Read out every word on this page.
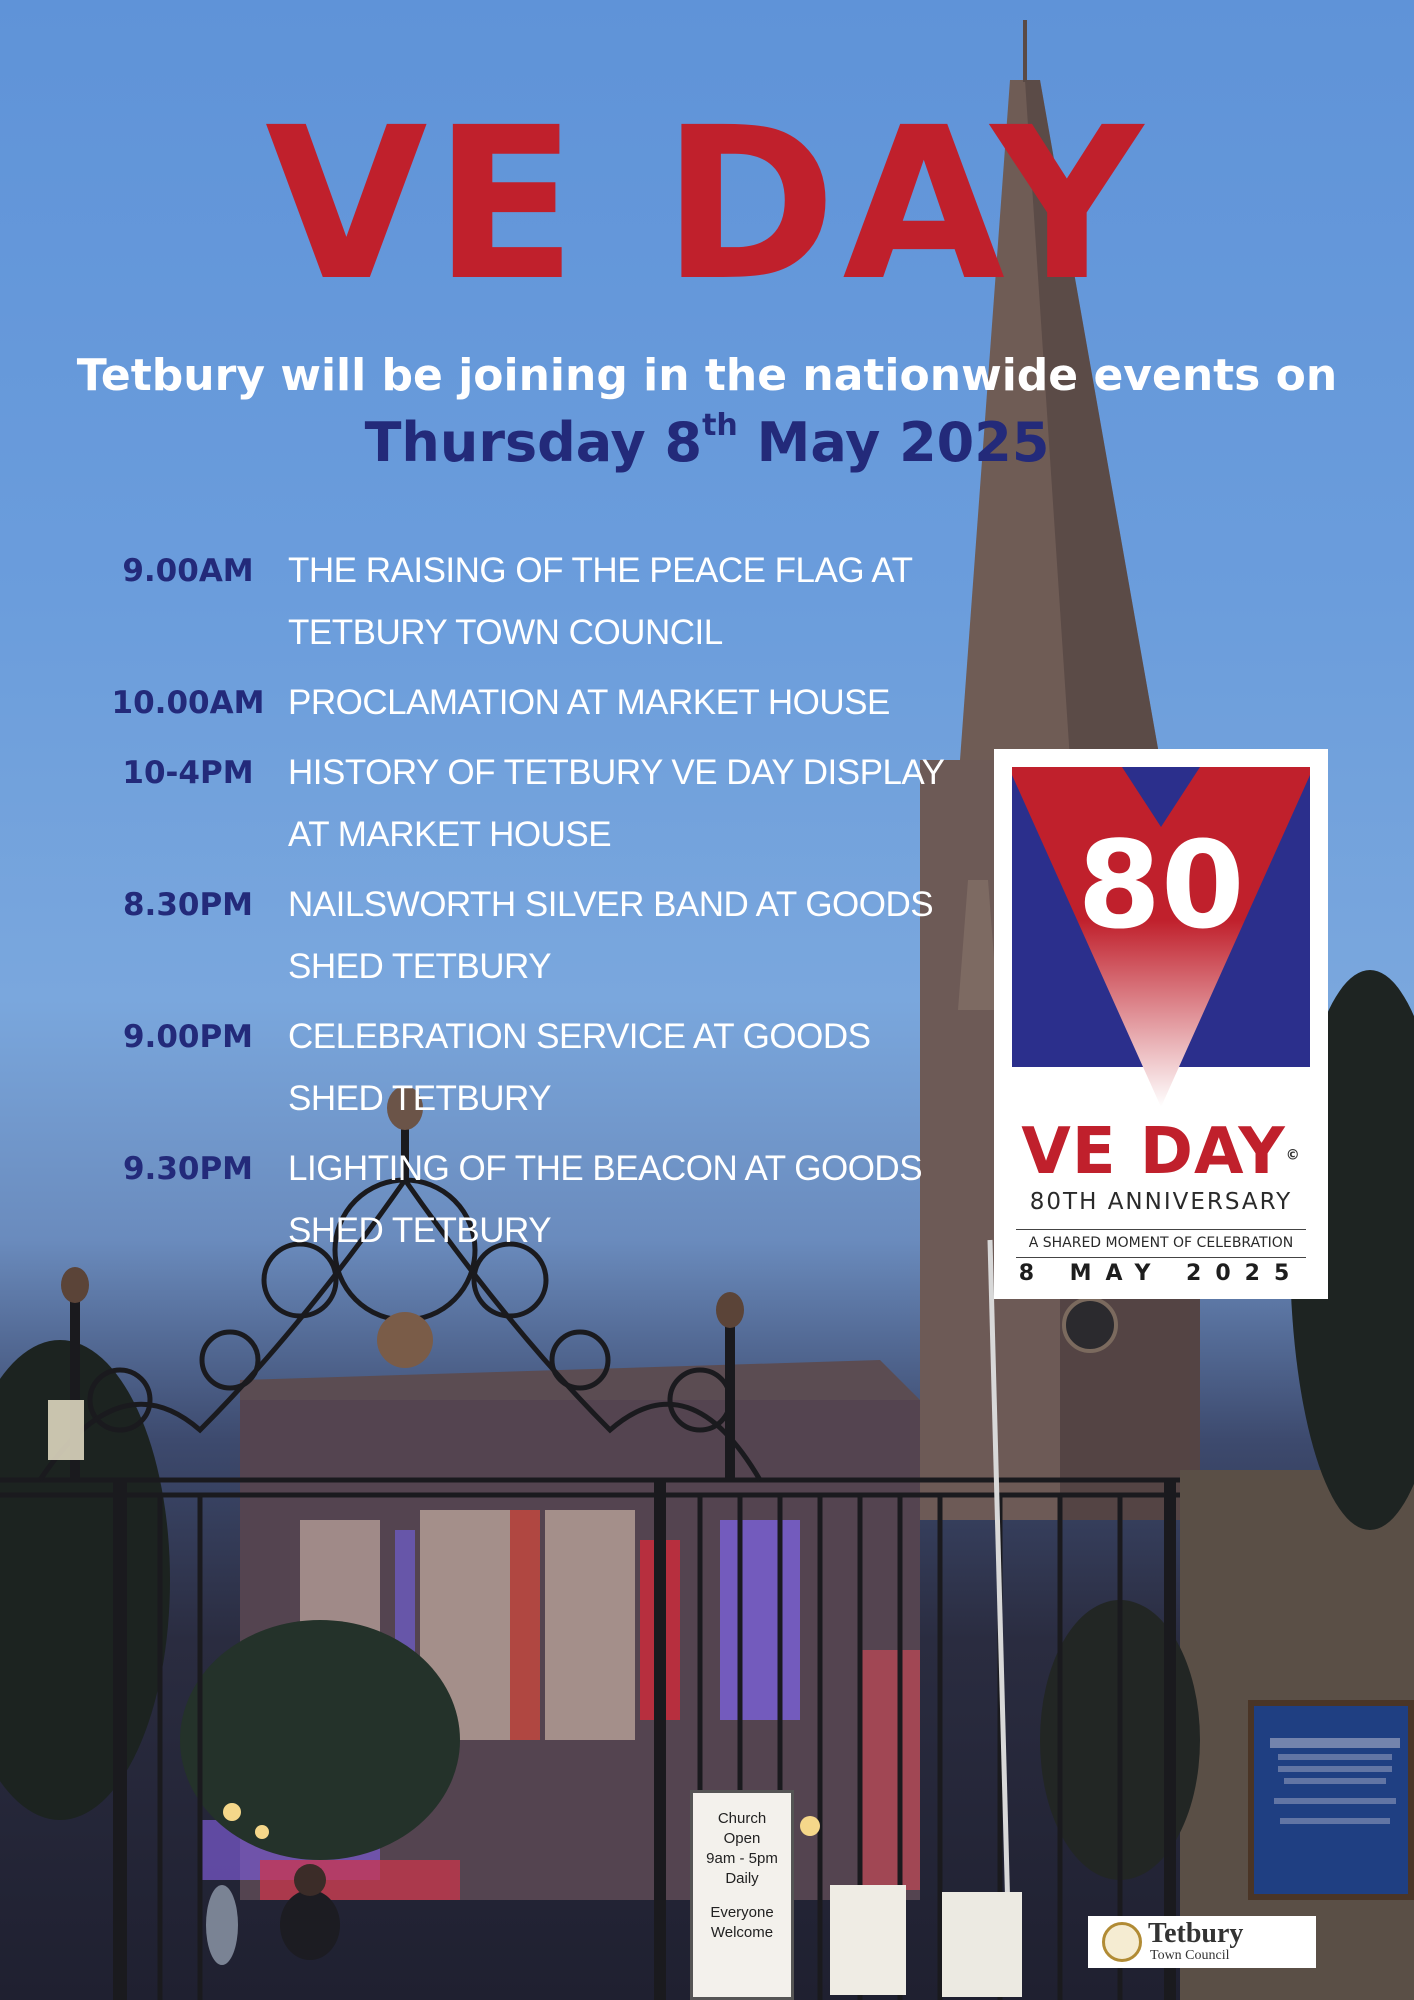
VE DAY
Tetbury will be joining in the nationwide events on
Thursday 8th May 2025
9.00AM THE RAISING OF THE PEACE FLAG AT
TETBURY TOWN COUNCIL
10.00AM PROCLAMATION AT MARKET HOUSE
10-4PM HISTORY OF TETBURY VE DAY DISPLAY
AT MARKET HOUSE
8.30PM NAILSWORTH SILVER BAND AT GOODS
SHED TETBURY
9.00PM CELEBRATION SERVICE AT GOODS
SHED TETBURY
9.30PM LIGHTING OF THE BEACON AT GOODS
SHED TETBURY
80
VE DAY©
80TH ANNIVERSARY
A SHARED MOMENT OF CELEBRATION
8 MAY 2025
Church
Open
9am - 5pm
Daily
Everyone
Welcome	Tetbury
Town Council
